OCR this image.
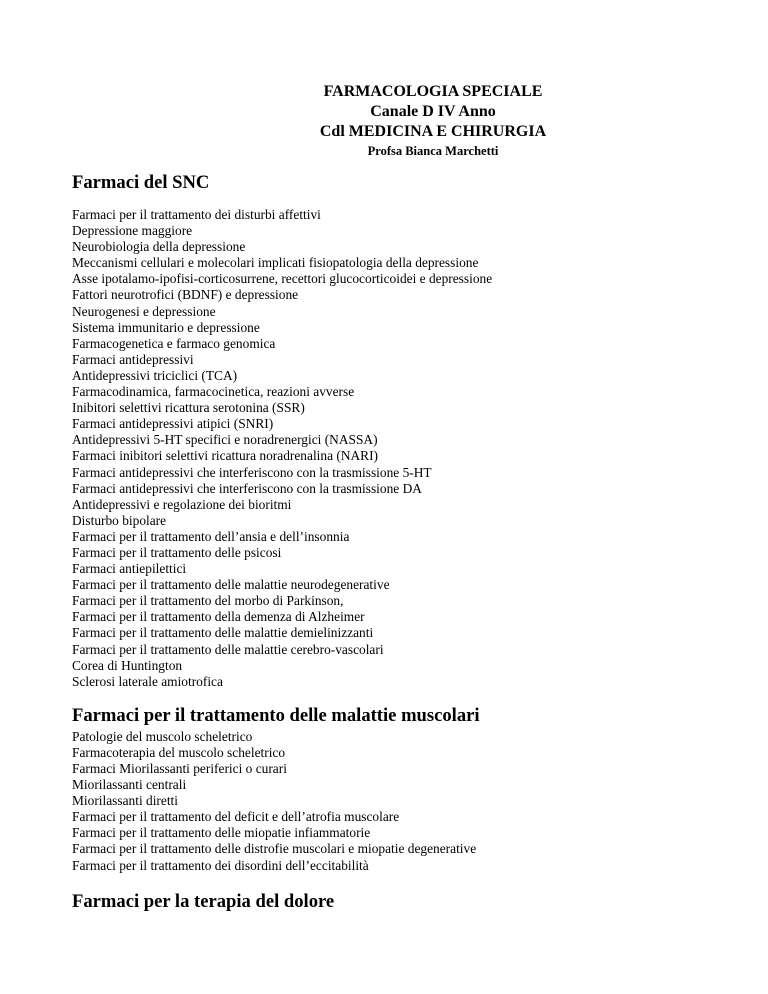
FARMACOLOGIA SPECIALE
Canale D IV Anno
Cdl MEDICINA E CHIRURGIA
Profsa Bianca Marchetti
Farmaci del SNC
Farmaci per il trattamento dei disturbi affettivi
Depressione maggiore
Neurobiologia della depressione
Meccanismi cellulari e molecolari implicati fisiopatologia della depressione
Asse ipotalamo-ipofisi-corticosurrene, recettori glucocorticoidei e depressione
Fattori neurotrofici (BDNF) e depressione
Neurogenesi e depressione
Sistema immunitario e depressione
Farmacogenetica e farmaco genomica
Farmaci antidepressivi
Antidepressivi triciclici (TCA)
Farmacodinamica, farmacocinetica, reazioni avverse
Inibitori selettivi ricattura serotonina (SSR)
Farmaci antidepressivi atipici (SNRI)
Antidepressivi 5-HT specifici e noradrenergici (NASSA)
Farmaci inibitori selettivi ricattura noradrenalina (NARI)
Farmaci antidepressivi che interferiscono con la trasmissione 5-HT
Farmaci antidepressivi che interferiscono con la trasmissione DA
Antidepressivi e regolazione dei bioritmi
Disturbo bipolare
Farmaci per il trattamento dell’ansia e dell’insonnia
Farmaci per il trattamento delle psicosi
Farmaci antiepilettici
Farmaci per il trattamento delle malattie neurodegenerative
Farmaci per il trattamento del morbo di Parkinson,
Farmaci per il trattamento della demenza di Alzheimer
Farmaci per il trattamento delle malattie demielinizzanti
Farmaci per il trattamento delle malattie cerebro-vascolari
Corea di Huntington
Sclerosi laterale amiotrofica
Farmaci per il trattamento delle malattie muscolari
Patologie del muscolo scheletrico
Farmacoterapia del muscolo scheletrico
Farmaci Miorilassanti periferici o curari
Miorilassanti centrali
Miorilassanti diretti
Farmaci per il trattamento del deficit e dell’atrofia muscolare
Farmaci per il trattamento delle miopatie infiammatorie
Farmaci per il trattamento delle distrofie muscolari e miopatie degenerative
Farmaci per il trattamento dei disordini dell’eccitabilità
Farmaci per la terapia del dolore
